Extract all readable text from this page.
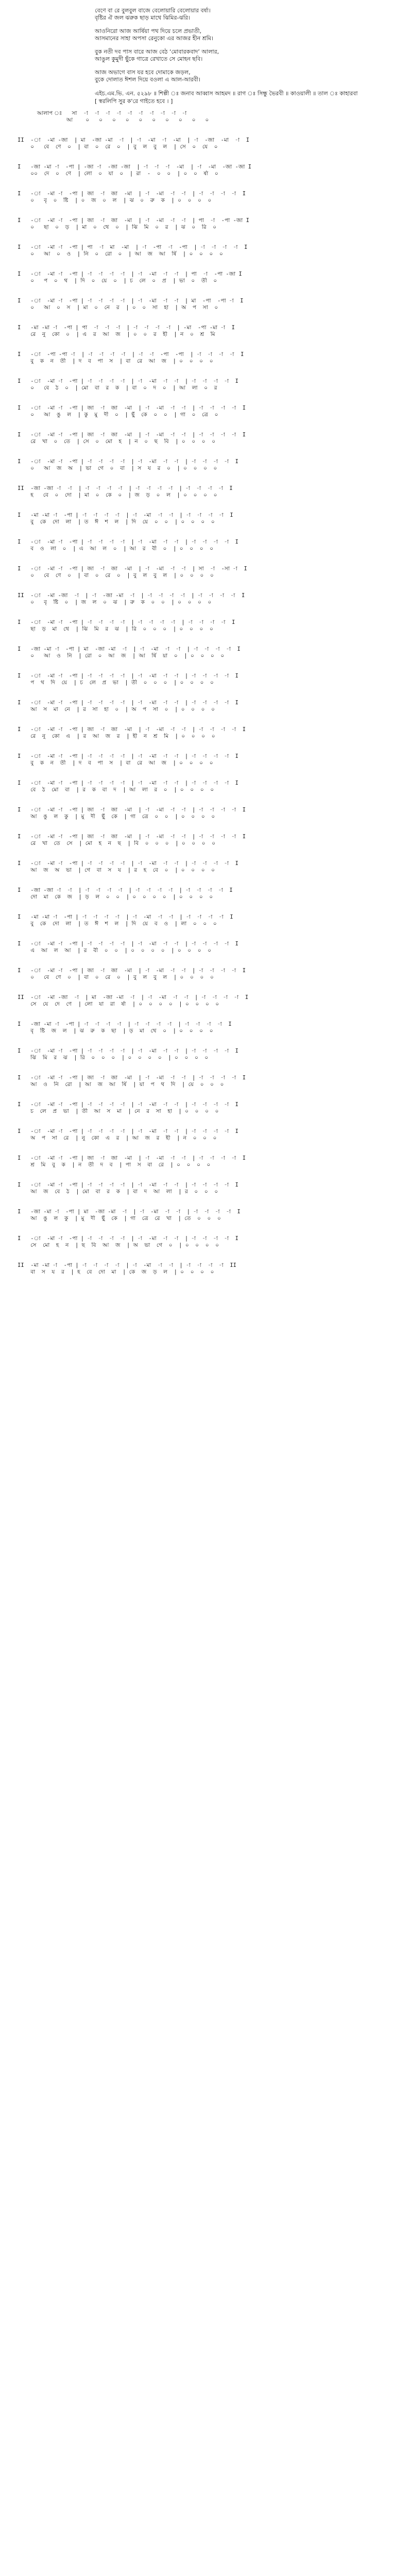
বেণে বা রে বুলবুল বাজে বেলোয়ারি বেলোয়ার বর্ষা।
বৃষ্টির ঐ জল ঝরুক ছাড় মাথে ঝিমির-ঝরি।
আওনিরো আজ আৰ্ষিয়া পথ দিয়ে চলে প্রভাতী,
আসমানের সাহা অপসা রেনুকো এর আজর হীন শ্রমি।
বুক নতী দব পাস বারে আজ বেঠ ‘মোবারকবাদ’ আলার,
আঙুল কুমুদী ছুঁকে গাত্রে রেখাতে সে মোহন ছবি।
আজ অভাগে বাস যর হবে দোমাকে জড়ল,
বুকে দোলাত ঈশল দিয়ে বওলা এ আল-আরবী।
এইচ.এম.ভি. এন. ৫২৯৮ ॥ শিল্পী ঃ জনাব আব্বাস আহমদ ॥ রাগ ঃ সিন্ধু ভৈরবী ॥ কাওয়ালী ॥ তাল ঃ কাহারবা
[ স্বরলিপি সুর ক'রে গাইতে হবে । ]
আলাপ ঃ   সা  -া  -া  -া  -া  -া  -া  -া  -া  -া  -া
আ    ০   ০   ০   ০   ০   ০   ০   ০   ০   ০
II  -া  -মা -জা  | মা  -জা -মা  -া  | -া  -মা  -া  -মা  | -া  -জা  -মা  -া  I
০   বে  ণে  ০  | বা  ০  রে  ০  | বু  ল  বু  ল  | সে  ০  যে  ০
I   -জা -মা -া  -পা | -জা -া  -জা -জা  | -া  -া  -া  -মা  | -া  -মা  -জা -জা I
০০  দে  ০  ণে  | লো  ০  যা  ০  | রা  -  ০  ০  | ০  ০  র্ষা  ০
I   -া  -মা -া  -পা | জা  -া  জা  -মা  | -া  -মা  -া  -া  | -া  -া  -া  -া  I
০   বৃ  ০  ষ্টি  | ০  জ  ০  ল  | ঝ  ০  রু  ক  | ০  ০  ০  ০
I   -া  -মা -া  -পা | জা  -া  জা  -মা  | -া  -মা  -া  -া  | পা  -া  -পা -জা I
০   ছা  ০  ড়  | মা  ০  থে  ০  | ঝি  মি  ০  র  | ঝ  ০  রি  ০
I   -া  -মা -া  -পা | পা  -া  মা  -মা  | -া  -পা  -া  -পা  | -া  -া  -া  -া  I
০   আ  ০  ও  | নি  ০  রো  ০  | আ  জ  আ  র্ষি  | ০  ০  ০  ০
I   -া  -মা -া  -পা | -া  -া  -া  -া  | -া  -মা  -া  -া  | পা  -া  -পা -জা I
০   প  ০  থ  | দি  ০  য়ে  ০  | চ  লে  ০  প্র  | ভা  ০  তী  ০
I   -া  -মা -া  -পা | -া  -া  -া  -া  | -া  -মা  -া  -া  | মা  -পা  -পা -া  I
০   আ  ০  স  | মা  ০  নে  র  | ০  ০  সা  হা  | অ  প  সা  ০
I   -মা -মা -া  -পা | পা  -া  -া  -া  | -া  -া  -া  -া  | -মা  -পা -মা -া  I
রে  নু  কো  ০  | এ  র  আ  জ  | ০  ০  র  হী  | ন  ০  শ্র  মি
I   -া  -পা -পা -া  | -া  -া  -া  -া  | -া  -া  -পা  -পা  | -া  -া  -া  -া  I
বু  ক  ন  তী  | দ  ব  পা  স  | বা  রে  আ  জ  | ০  ০  ০  ০
I   -া  -মা -া  -পা | -া  -া  -া  -া  | -া  -মা  -া  -া  | -া  -া  -া  -া  I
০   বে  ঠ  ০  | মো  বা  র  ক  | বা  ০  দ  ০  | আ  লা  ০  র
I   -া  -মা -া  -পা | জা  -া  জা  -মা  | -া  -মা  -া  -া  | -া  -া  -া  -া  I
০   আ  ঙু  ল  | কু  মু  দী  ০  | ছুঁ  কে  ০  ০  | গা  ০  ত্রে  ০
I   -া  -মা -া  -পা | জা  -া  জা  -মা  | -া  -মা  -া  -া  | -া  -া  -া  -া  I
রে  খা  ০  তে  | সে  ০  মো  হ  | ন  ০  ছ  বি  | ০  ০  ০  ০
I   -া  -মা -া  -পা | -া  -া  -া  -া  | -া  -মা  -া  -া  | -া  -া  -া  -া  I
০   আ  জ  অ  | ভা  গে  ০  বা  | স  য  র  ০  | ০  ০  ০  ০
II  -জা -জা -া  -া  | -া  -া  -া  -া  | -া  -া  -া  -া  | -া  -া  -া  -া  I
হ   বে  ০  দো  | মা  ০  কে  ০  | জ  ড়  ০  ল  | ০  ০  ০  ০
I   -মা -মা -া  -পা | -া  -া  -া  -া  | -া  -মা  -া  -া  | -া  -া  -া  -া  I
বু  কে  দো  লা  | ত  ঈ  শ  ল  | দি  য়ে  ০  ০  | ০  ০  ০  ০
I   -া  -মা -া  -পা | -া  -া  -া  -া  | -া  -মা  -া  -া  | -া  -া  -া  -া  I
ব  ও  লা  ০  | এ  আ  ল  ০  | আ  র  বী  ০  | ০  ০  ০  ০
I   -া  -মা -া  -পা | জা  -া  জা  -মা  | -া  -মা  -া  -া  | সা  -া  -সা -া  I
০   বে  ণে  ০  | বা  ০  রে  ০  | বু  ল  বু  ল  | ০  ০  ০  ০
II  -া  -মা -জা  -া  | -া  -জা -মা  -া  | -া  -া  -া  -া  | -া  -া  -া  -া  I
০   বৃ  ষ্টি  ০  | জ  ল  ০  ঝ  | রু  ক  ০  ০  | ০  ০  ০  ০
I   -া  -মা -া  -পা | -া  -া  -া  -া  | -া  -া  -া  -া  | -া  -া  -া  -া  I
ছা  ড়  মা  থে  | ঝি  মি  র  ঝ  | রি  ০  ০  ০  | ০  ০  ০  ০
I   -জা -মা -া  -পা | মা  -জা -মা  -া  | -া  -মা  -া  -া  | -া  -া  -া  -া  I
০   আ  ও  নি  | রো  ০  আ  জ  | আ  র্ষি  য়া  ০  | ০  ০  ০  ০
I   -া  -মা -া  -পা | -া  -া  -া  -া  | -া  -মা  -া  -া  | -া  -া  -া  -া  I
প  থ  দি  য়ে  | চ  লে  প্র  ভা  | তী  ০  ০  ০  | ০  ০  ০  ০
I   -া  -মা -া  -পা | -া  -া  -া  -া  | -া  -মা  -া  -া  | -া  -া  -া  -া  I
আ  স  মা  নে  | র  সা  হা  ০  | অ  প  সা  ০  | ০  ০  ০  ০
I   -া  -মা -া  -পা | জা  -া  জা  -মা  | -া  -মা  -া  -া  | -া  -া  -া  -া  I
রে  নু  কো  এ  | র  আ  জ  র  | হী  ন  শ্র  মি  | ০  ০  ০  ০
I   -া  -মা -া  -পা | -া  -া  -া  -া  | -া  -মা  -া  -া  | -া  -া  -া  -া  I
বু  ক  ন  তী  | দ  ব  পা  স  | বা  রে  আ  জ  | ০  ০  ০  ০
I   -া  -মা -া  -পা | -া  -া  -া  -া  | -া  -মা  -া  -া  | -া  -া  -া  -া  I
বে  ঠ  মো  বা  | র  ক  বা  দ  | আ  লা  র  ০  | ০  ০  ০  ০
I   -া  -মা -া  -পা | জা  -া  জা  -মা  | -া  -মা  -া  -া  | -া  -া  -া  -া  I
আ  ঙু  ল  কু  | মু  দী  ছুঁ  কে  | গা  ত্রে  ০  ০  | ০  ০  ০  ০
I   -া  -মা -া  -পা | জা  -া  জা  -মা  | -া  -মা  -া  -া  | -া  -া  -া  -া  I
রে  খা  তে  সে  | মো  হ  ন  ছ  | বি  ০  ০  ০  | ০  ০  ০  ০
I   -া  -মা -া  -পা | -া  -া  -া  -া  | -া  -মা  -া  -া  | -া  -া  -া  -া  I
আ  জ  অ  ভা  | গে  বা  স  য  | র  হ  বে  ০  | ০  ০  ০  ০
I   -জা -জা -া  -া  | -া  -া  -া  -া  | -া  -া  -া  -া  | -া  -া  -া  -া  I
দো  মা  কে  জ  | ড়  ল  ০  ০  | ০  ০  ০  ০  | ০  ০  ০  ০
I   -মা -মা -া  -পা | -া  -া  -া  -া  | -া  -মা  -া  -া  | -া  -া  -া  -া  I
বু  কে  দো  লা  | ত  ঈ  শ  ল  | দি  য়ে  ব  ও  | লা  ০  ০  ০
I   -া  -মা -া  -পা | -া  -া  -া  -া  | -া  -মা  -া  -া  | -া  -া  -া  -া  I
এ  আ  ল  আ  | র  বী  ০  ০  | ০  ০  ০  ০  | ০  ০  ০  ০
I   -া  -মা -া  -পা | জা  -া  জা  -মা  | -া  -মা  -া  -া  | -া  -া  -া  -া  I
০   বে  ণে  ০  | বা  ০  রে  ০  | বু  ল  বু  ল  | ০  ০  ০  ০
II  -া  -মা -জা  -া  | মা  -জা -মা  -া  | -া  -মা  -া  -া  | -া  -া  -া  -া  I
সে  যে  দে  ণে  | লো  যা  রা  র্ষা  | ০  ০  ০  ০  | ০  ০  ০  ০
I   -জা -মা -া  -পা | -া  -া  -া  -া  | -া  -া  -া  -া  | -া  -া  -া  -া  I
বৃ  ষ্টি  জ  ল  | ঝ  রু  ক  ছা  | ড়  মা  থে  ০  | ০  ০  ০  ০
I   -া  -মা -া  -পা | -া  -া  -া  -া  | -া  -মা  -া  -া  | -া  -া  -া  -া  I
ঝি  মি  র  ঝ  | রি  ০  ০  ০  | ০  ০  ০  ০  | ০  ০  ০  ০
I   -া  -মা -া  -পা | জা  -া  জা  -মা  | -া  -মা  -া  -া  | -া  -া  -া  -া  I
আ  ও  নি  রো  | আ  জ  আ  র্ষি  | য়া  প  থ  দি  | য়ে  ০  ০  ০
I   -া  -মা -া  -পা | -া  -া  -া  -া  | -া  -মা  -া  -া  | -া  -া  -া  -া  I
চ  লে  প্র  ভা  | তী  আ  স  মা  | নে  র  সা  হা  | ০  ০  ০  ০
I   -া  -মা -া  -পা | -া  -া  -া  -া  | -া  -মা  -া  -া  | -া  -া  -া  -া  I
অ  প  সা  রে  | নু  কো  এ  র  | আ  জ  র  হী  | ন  ০  ০  ০
I   -া  -মা -া  -পা | জা  -া  জা  -মা  | -া  -মা  -া  -া  | -া  -া  -া  -া  I
শ্র  মি  বু  ক  | ন  তী  দ  ব  | পা  স  বা  রে  | ০  ০  ০  ০
I   -া  -মা -া  -পা | -া  -া  -া  -া  | -া  -মা  -া  -া  | -া  -া  -া  -া  I
আ  জ  বে  ঠ  | মো  বা  র  ক  | বা  দ  আ  লা  | র  ০  ০  ০
I   -জা -মা -া  -পা | মা  -জা -মা  -া  | -া  -মা  -া  -া  | -া  -া  -া  -া  I
আ  ঙু  ল  কু  | মু  দী  ছুঁ  কে  | গা  ত্রে  রে  খা  | তে  ০  ০  ০
I   -া  -মা -া  -পা | -া  -া  -া  -া  | -া  -মা  -া  -া  | -া  -া  -া  -া  I
সে  মো  হ  ন  | ছ  বি  আ  জ  | অ  ভা  গে  ০  | ০  ০  ০  ০
II  -মা -মা -া  -পা | -া  -া  -া  -া  | -া  -মা  -া  -া  | -া  -া  -া  -া  II
বা  স  য  র  | হ  বে  দো  মা  | কে  জ  ড়  ল  | ০  ০  ০  ০
